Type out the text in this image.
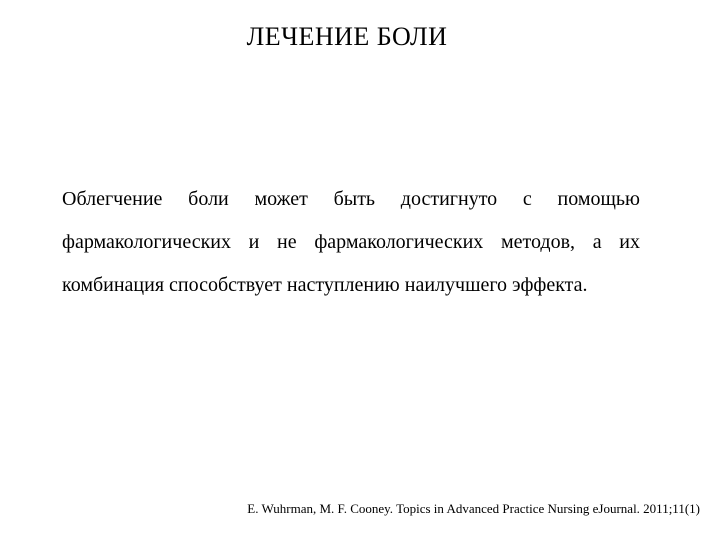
ЛЕЧЕНИЕ БОЛИ

Облегчение боли может быть достигнуто с помощью фармакологических и не фармакологических методов, а их комбинация способствует наступлению наилучшего эффекта.

E. Wuhrman, M. F. Cooney. Topics in Advanced Practice Nursing eJournal. 2011;11(1)
